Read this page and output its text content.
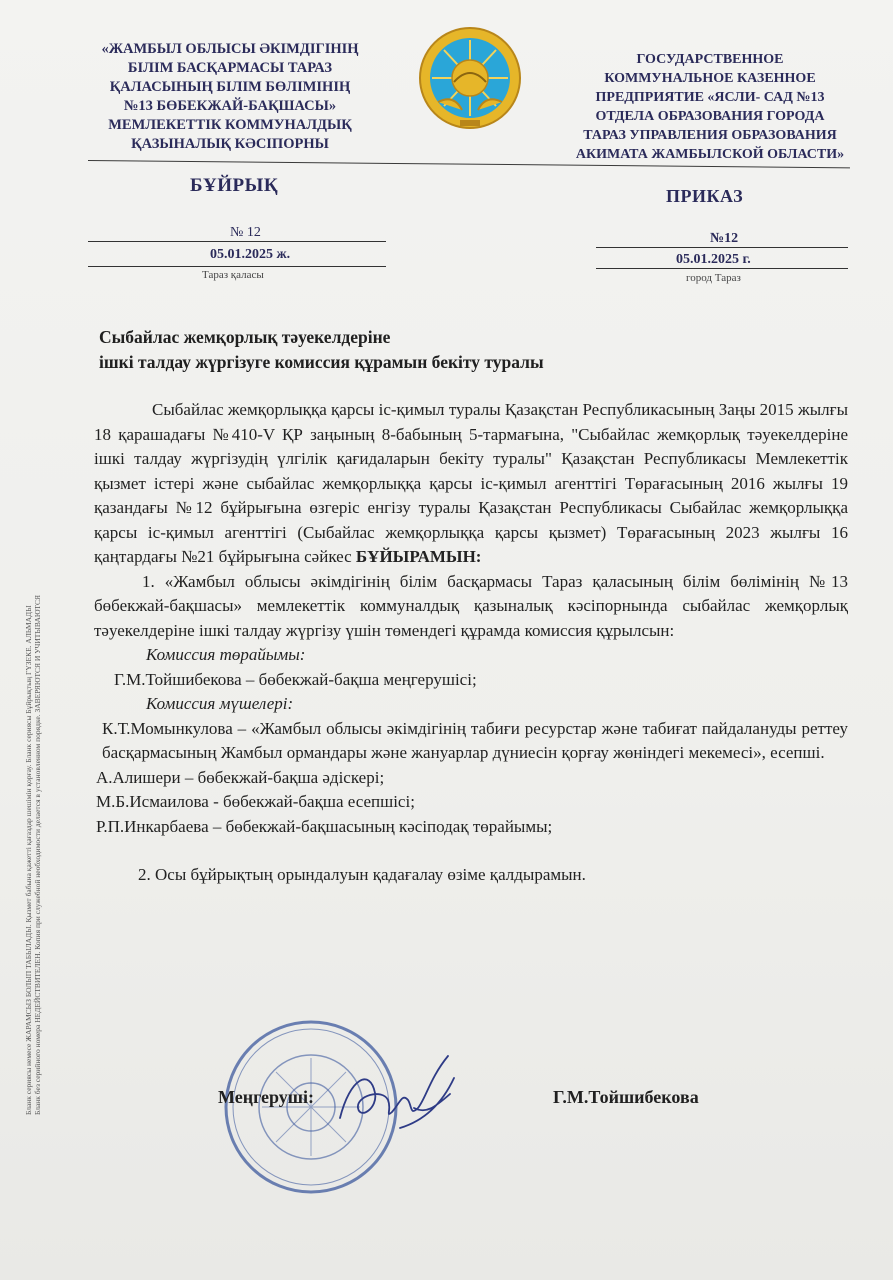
«ЖАМБЫЛ ОБЛЫСЫ ӘКІМДІГІНІҢ
БІЛІМ БАСҚАРМАСЫ ТАРАЗ
ҚАЛАСЫНЫҢ БІЛІМ БӨЛІМІНІҢ
№13 БӨБЕКЖАЙ-БАҚШАСЫ»
МЕМЛЕКЕТТІК КОММУНАЛДЫҚ
ҚАЗЫНАЛЫҚ КӘСІПОРНЫ
ГОСУДАРСТВЕННОЕ
КОММУНАЛЬНОЕ КАЗЕННОЕ
ПРЕДПРИЯТИЕ «ЯСЛИ- САД №13
ОТДЕЛА ОБРАЗОВАНИЯ ГОРОДА
ТАРАЗ УПРАВЛЕНИЯ ОБРАЗОВАНИЯ
АКИМАТА ЖАМБЫЛСКОЙ ОБЛАСТИ»
БҰЙРЫҚ	ПРИКАЗ
№ 12
05.01.2025 ж.
Тараз қаласы
№12
05.01.2025 г.
город Тараз
Сыбайлас жемқорлық тәуекелдеріне
ішкі талдау жүргізуге комиссия құрамын бекіту туралы

Сыбайлас жемқорлыққа қарсы іс-қимыл туралы Қазақстан Республикасының Заңы 2015 жылғы 18 қарашадағы №410-V ҚР заңының 8-бабының 5-тармағына, "Сыбайлас жемқорлық тәуекелдеріне ішкі талдау жүргізудің үлгілік қағидаларын бекіту туралы" Қазақстан Республикасы Мемлекеттік қызмет істері және сыбайлас жемқорлыққа қарсы іс-қимыл агенттігі Төрағасының 2016 жылғы 19 қазандағы №12 бұйрығына өзгеріс енгізу туралы Қазақстан Республикасы Сыбайлас жемқорлыққа қарсы іс-қимыл агенттігі (Сыбайлас жемқорлыққа қарсы қызмет) Төрағасының 2023 жылғы 16 қаңтардағы №21 бұйрығына сәйкес БҰЙЫРАМЫН:

1. «Жамбыл облысы әкімдігінің білім басқармасы Тараз қаласының білім бөлімінің №13 бөбекжай-бақшасы» мемлекеттік коммуналдық қазыналық кәсіпорнында сыбайлас жемқорлық тәуекелдеріне ішкі талдау жүргізу үшін төмендегі құрамда комиссия құрылсын:

Комиссия төрайымы:

Г.М.Тойшибекова – бөбекжай-бақша меңгерушісі;

Комиссия мүшелері:

К.Т.Момынкулова – «Жамбыл облысы әкімдігінің табиғи ресурстар және табиғат пайдалануды реттеу басқармасының Жамбыл ормандары және жануарлар дүниесін қорғау жөніндегі мекемесі», есепші.

А.Алишери – бөбекжай-бақша әдіскері;

М.Б.Исмаилова - бөбекжай-бақша есепшісі;

Р.П.Инкарбаева – бөбекжай-бақшасының кәсіподақ төрайымы;

2. Осы бұйрықтың орындалуын қадағалау өзіме қалдырамын.

Меңгеруші:	Г.М.Тойшибекова
Бланк сериясы немесе ЖАРАМСЫЗ БОЛЫП ТАБЫЛАДЫ. Қызмет бабына қажетті қағаздар шешімін қорғау. Бланк сериясы Бұйрықтың ГҮЗЕКЕ. АЛЬМАДЫ Бланк без серийного номера НЕДЕЙСТВИТЕЛЕН. Копия при служебной необходимости делается в установленном порядке. ЗАВЕРЯЮТСЯ И УЧИТЫВАЮТСЯ
